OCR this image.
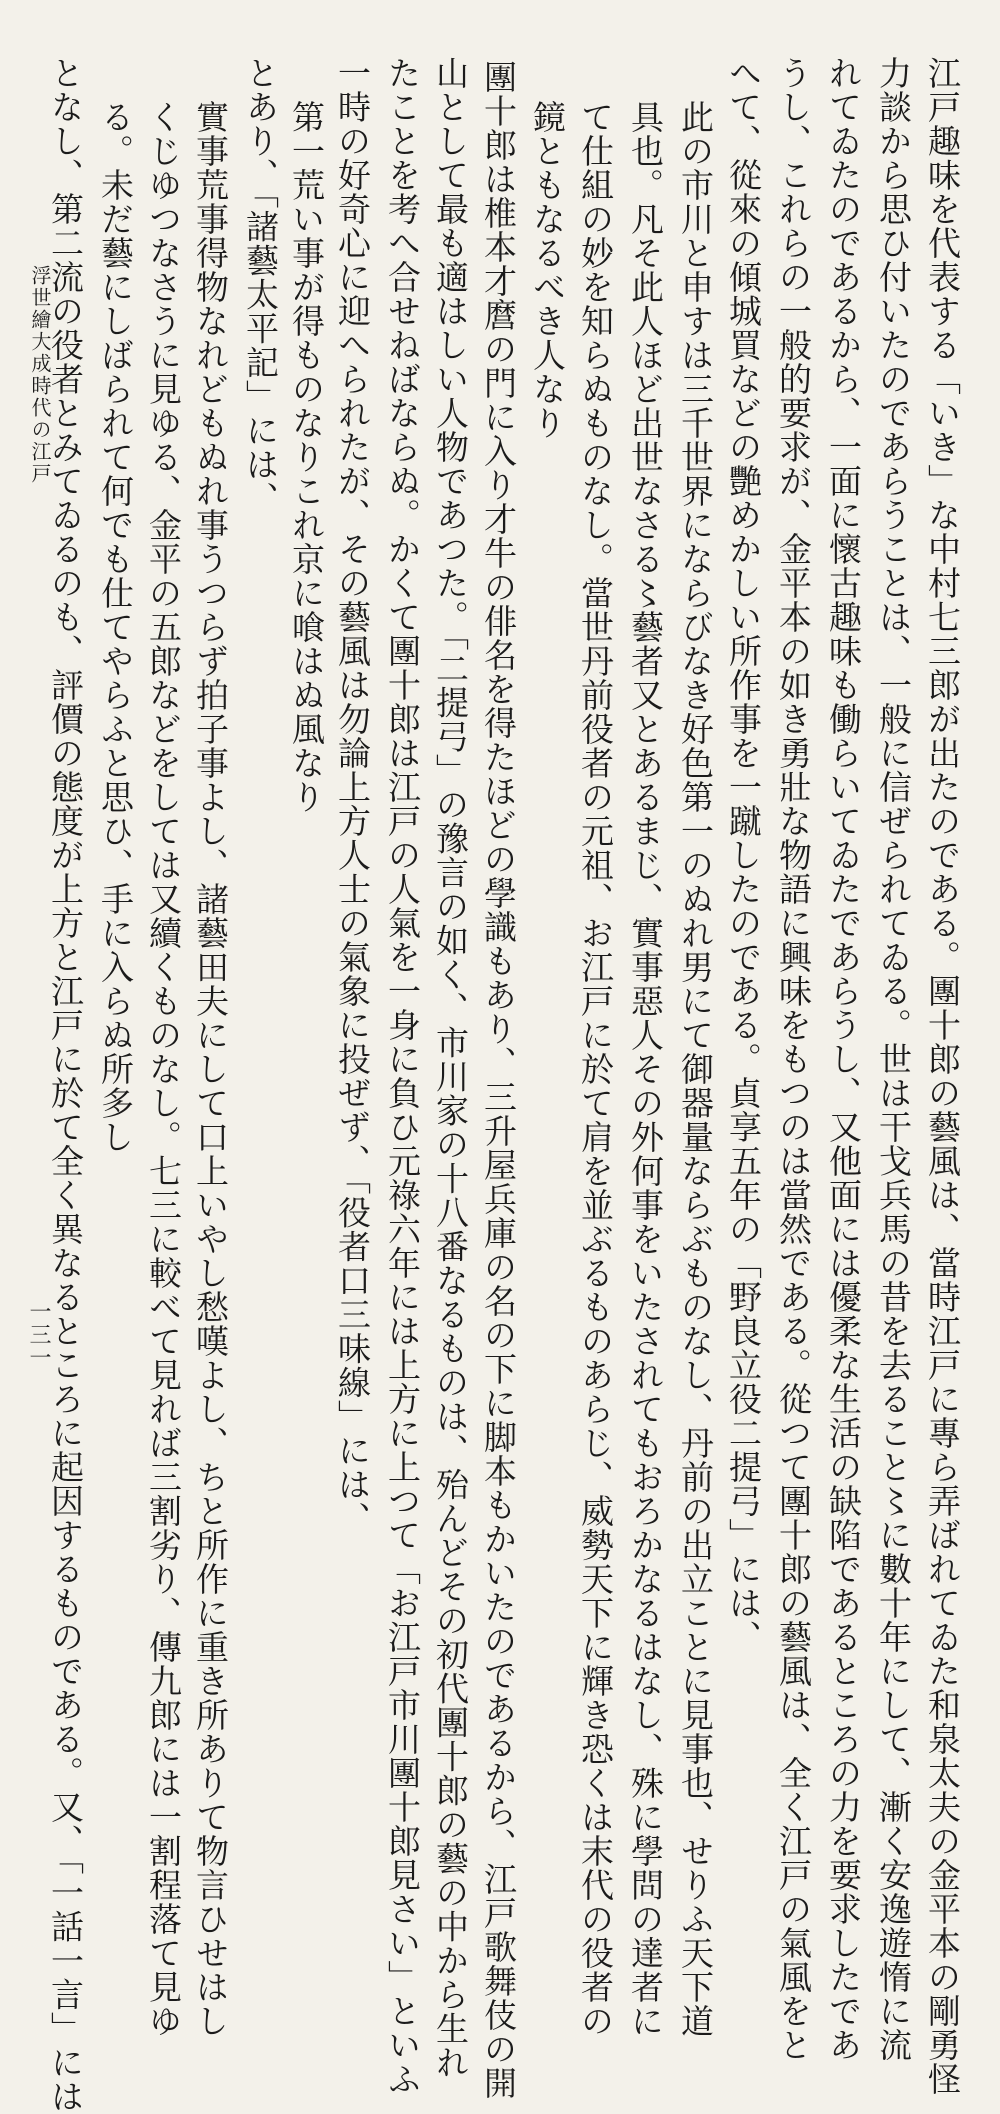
江戸趣味を代表する「いき」な中村七三郎が出たのである。團十郎の藝風は、當時江戸に專ら弄ばれてゐた和泉太夫の金平本の剛勇怪
力談から思ひ付いたのであらうことは、一般に信ぜられてゐる。世は干戈兵馬の昔を去ること〻に數十年にして、漸く安逸遊惰に流
れてゐたのであるから、一面に懷古趣味も働らいてゐたであらうし、又他面には優柔な生活の缺陷であるところの力を要求したであ
うし、これらの一般的要求が、金平本の如き勇壯な物語に興味をもつのは當然である。從つて團十郎の藝風は、全く江戸の氣風をと
へて、從來の傾城買などの艷めかしい所作事を一蹴したのである。貞享五年の「野良立役二提弓」には、
此の市川と申すは三千世界にならびなき好色第一のぬれ男にて御器量ならぶものなし、丹前の出立ことに見事也、せりふ天下道
具也。凡そ此人ほど出世なさる〻藝者又とあるまじ、實事惡人その外何事をいたされてもおろかなるはなし、殊に學問の達者に
て仕組の妙を知らぬものなし。當世丹前役者の元祖、お江戸に於て肩を並ぶるものあらじ、威勢天下に輝き恐くは末代の役者の
鏡ともなるべき人なり
團十郎は椎本才麿の門に入り才牛の俳名を得たほどの學識もあり、三升屋兵庫の名の下に脚本もかいたのであるから、江戸歌舞伎の開
山として最も適はしい人物であつた。「二提弓」の豫言の如く、市川家の十八番なるものは、殆んどその初代團十郎の藝の中から生れ
たことを考へ合せねばならぬ。かくて團十郎は江戸の人氣を一身に負ひ元祿六年には上方に上つて「お江戸市川團十郎見さい」といふ
一時の好奇心に迎へられたが、その藝風は勿論上方人士の氣象に投ぜず、「役者口三味線」には、
第一荒い事が得ものなりこれ京に喰はぬ風なり
とあり、「諸藝太平記」には、
實事荒事得物なれどもぬれ事うつらず拍子事よし、諸藝田夫にして口上いやし愁嘆よし、ちと所作に重き所ありて物言ひせはし
くじゆつなさうに見ゆる、金平の五郎などをしては又續くものなし。七三に較べて見れば三割劣り、傳九郎には一割程落て見ゆ
る。未だ藝にしばられて何でも仕てやらふと思ひ、手に入らぬ所多し
となし、第二流の役者とみてゐるのも、評價の態度が上方と江戸に於て全く異なるところに起因するものである。又、「一話一言」には
浮世繪大成時代の江戸
一三一
